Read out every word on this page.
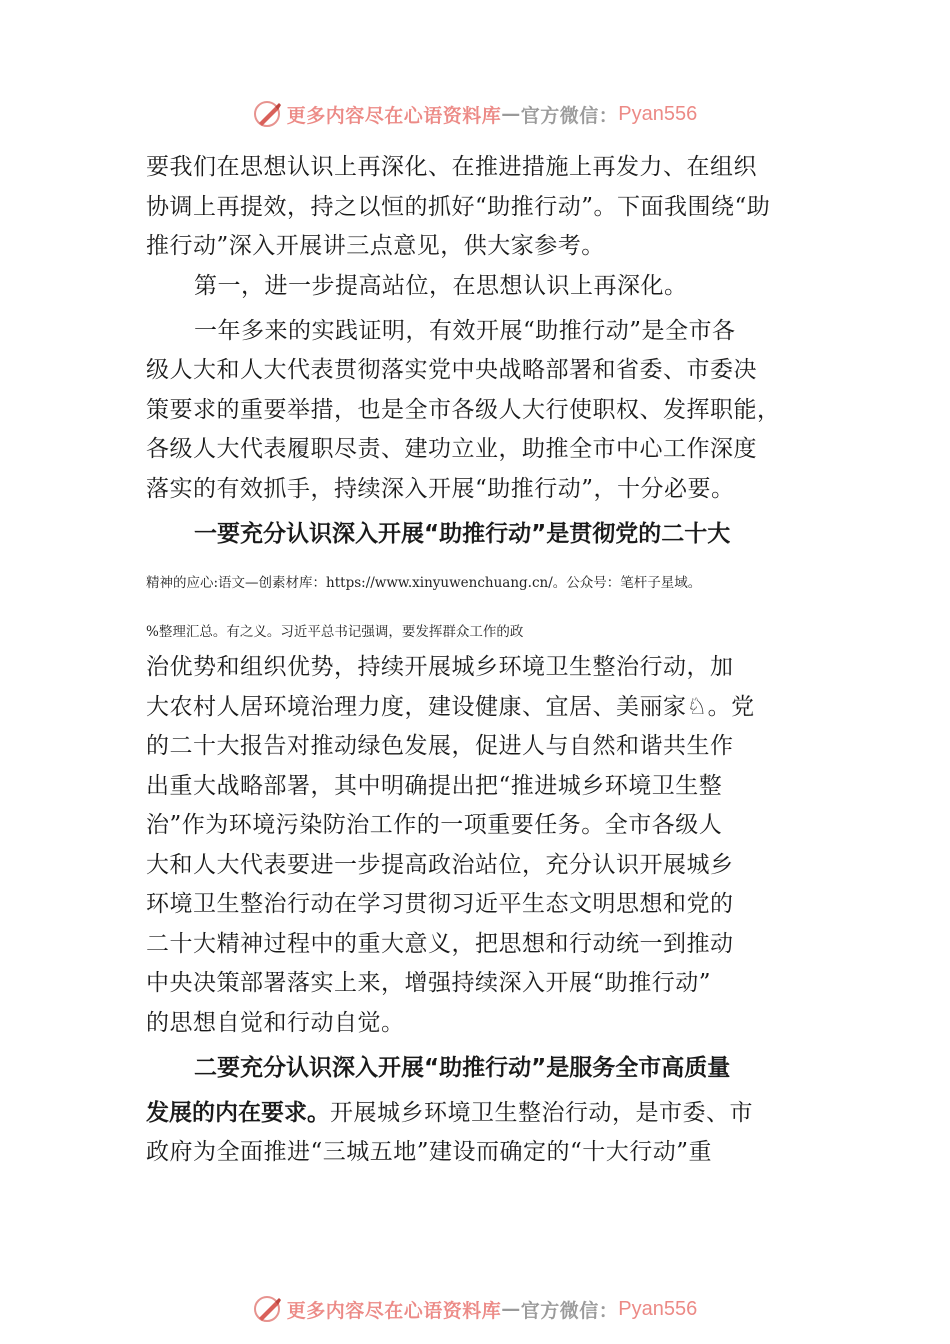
更多内容尽在心语资料库 — 官方微信： Pyan556
要我们在思想认识上再深化、在推进措施上再发力、在组织
协调上再提效，持之以恒的抓好“助推行动”。下面我围绕“助
推行动”深入开展讲三点意见，供大家参考。
第一，进一步提高站位，在思想认识上再深化。
一年多来的实践证明，有效开展“助推行动”是全市各
级人大和人大代表贯彻落实党中央战略部署和省委、市委决
策要求的重要举措，也是全市各级人大行使职权、发挥职能，
各级人大代表履职尽责、建功立业，助推全市中心工作深度
落实的有效抓手，持续深入开展“助推行动”，十分必要。
一要充分认识深入开展“助推行动”是贯彻党的二十大
精神的应心:语文—创素材库：https://www.xinyuwenchuang.cn/。公众号：笔杆子星域。
%整理汇总。有之义。习近平总书记强调，要发挥群众工作的政
治优势和组织优势，持续开展城乡环境卫生整治行动，加
大农村人居环境治理力度，建设健康、宜居、美丽家♘。党
的二十大报告对推动绿色发展，促进人与自然和谐共生作
出重大战略部署，其中明确提出把“推进城乡环境卫生整
治”作为环境污染防治工作的一项重要任务。全市各级人
大和人大代表要进一步提高政治站位，充分认识开展城乡
环境卫生整治行动在学习贯彻习近平生态文明思想和党的
二十大精神过程中的重大意义，把思想和行动统一到推动
中央决策部署落实上来，增强持续深入开展“助推行动”
的思想自觉和行动自觉。
二要充分认识深入开展“助推行动”是服务全市高质量
发展的内在要求。开展城乡环境卫生整治行动，是市委、市
政府为全面推进“三城五地”建设而确定的“十大行动”重
更多内容尽在心语资料库 — 官方微信： Pyan556
